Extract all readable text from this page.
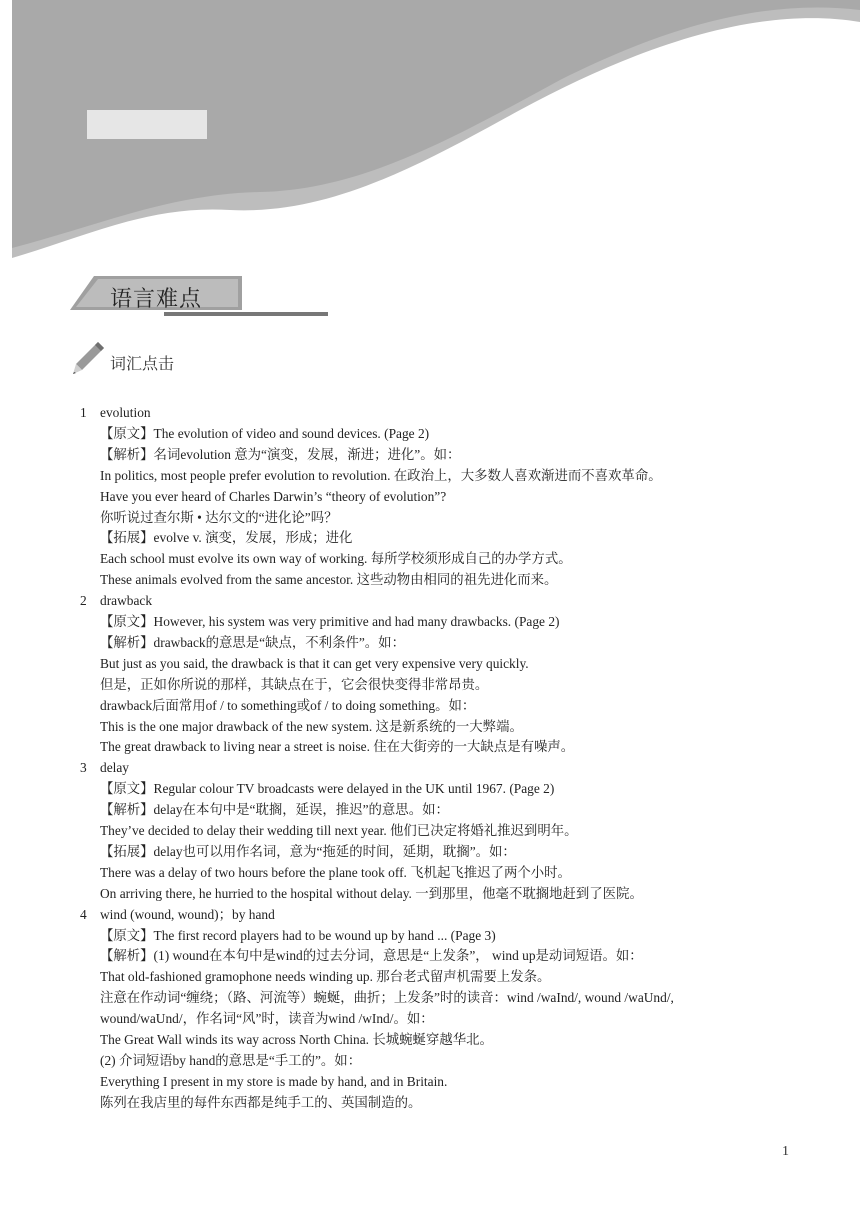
语言难点
词汇点击
1 evolution
【原文】The evolution of video and sound devices. (Page 2)
【解析】名词evolution 意为“演变，发展，渐进；进化”。如：
In politics, most people prefer evolution to revolution. 在政治上，大多数人喜欢渐进而不喜欢革命。
Have you ever heard of Charles Darwin’s “theory of evolution”?
你听说过查尔斯 • 达尔文的“进化论”吗？
【拓展】evolve v. 演变，发展，形成；进化
Each school must evolve its own way of working. 每所学校须形成自己的办学方式。
These animals evolved from the same ancestor. 这些动物由相同的祖先进化而来。
2 drawback
【原文】However, his system was very primitive and had many drawbacks. (Page 2)
【解析】drawback的意思是“缺点，不利条件”。如：
But just as you said, the drawback is that it can get very expensive very quickly.
但是，正如你所说的那样，其缺点在于，它会很快变得非常昂贵。
drawback后面常用of / to something或of / to doing something。如：
This is the one major drawback of the new system. 这是新系统的一大弊端。
The great drawback to living near a street is noise. 住在大街旁的一大缺点是有噪声。
3 delay
【原文】Regular colour TV broadcasts were delayed in the UK until 1967. (Page 2)
【解析】delay在本句中是“耽搁，延误，推迟”的意思。如：
They’ve decided to delay their wedding till next year. 他们已决定将婚礼推迟到明年。
【拓展】delay也可以用作名词，意为“拖延的时间，延期，耽搁”。如：
There was a delay of two hours before the plane took off. 飞机起飞推迟了两个小时。
On arriving there, he hurried to the hospital without delay. 一到那里，他毫不耽搁地赶到了医院。
4 wind (wound, wound)；by hand
【原文】The first record players had to be wound up by hand ... (Page 3)
【解析】(1) wound在本句中是wind的过去分词，意思是“上发条”， wind up是动词短语。如：
That old-fashioned gramophone needs winding up. 那台老式留声机需要上发条。
注意在作动词“缠绕；（路、河流等）蜿蜒，曲折；上发条”时的读音：wind /waInd/, wound /waUnd/,
wound/waUnd/，作名词“风”时，读音为wind /wInd/。如：
The Great Wall winds its way across North China. 长城蜿蜒穿越华北。
(2) 介词短语by hand的意思是“手工的”。如：
Everything I present in my store is made by hand, and in Britain.
陈列在我店里的每件东西都是纯手工的、英国制造的。
1
